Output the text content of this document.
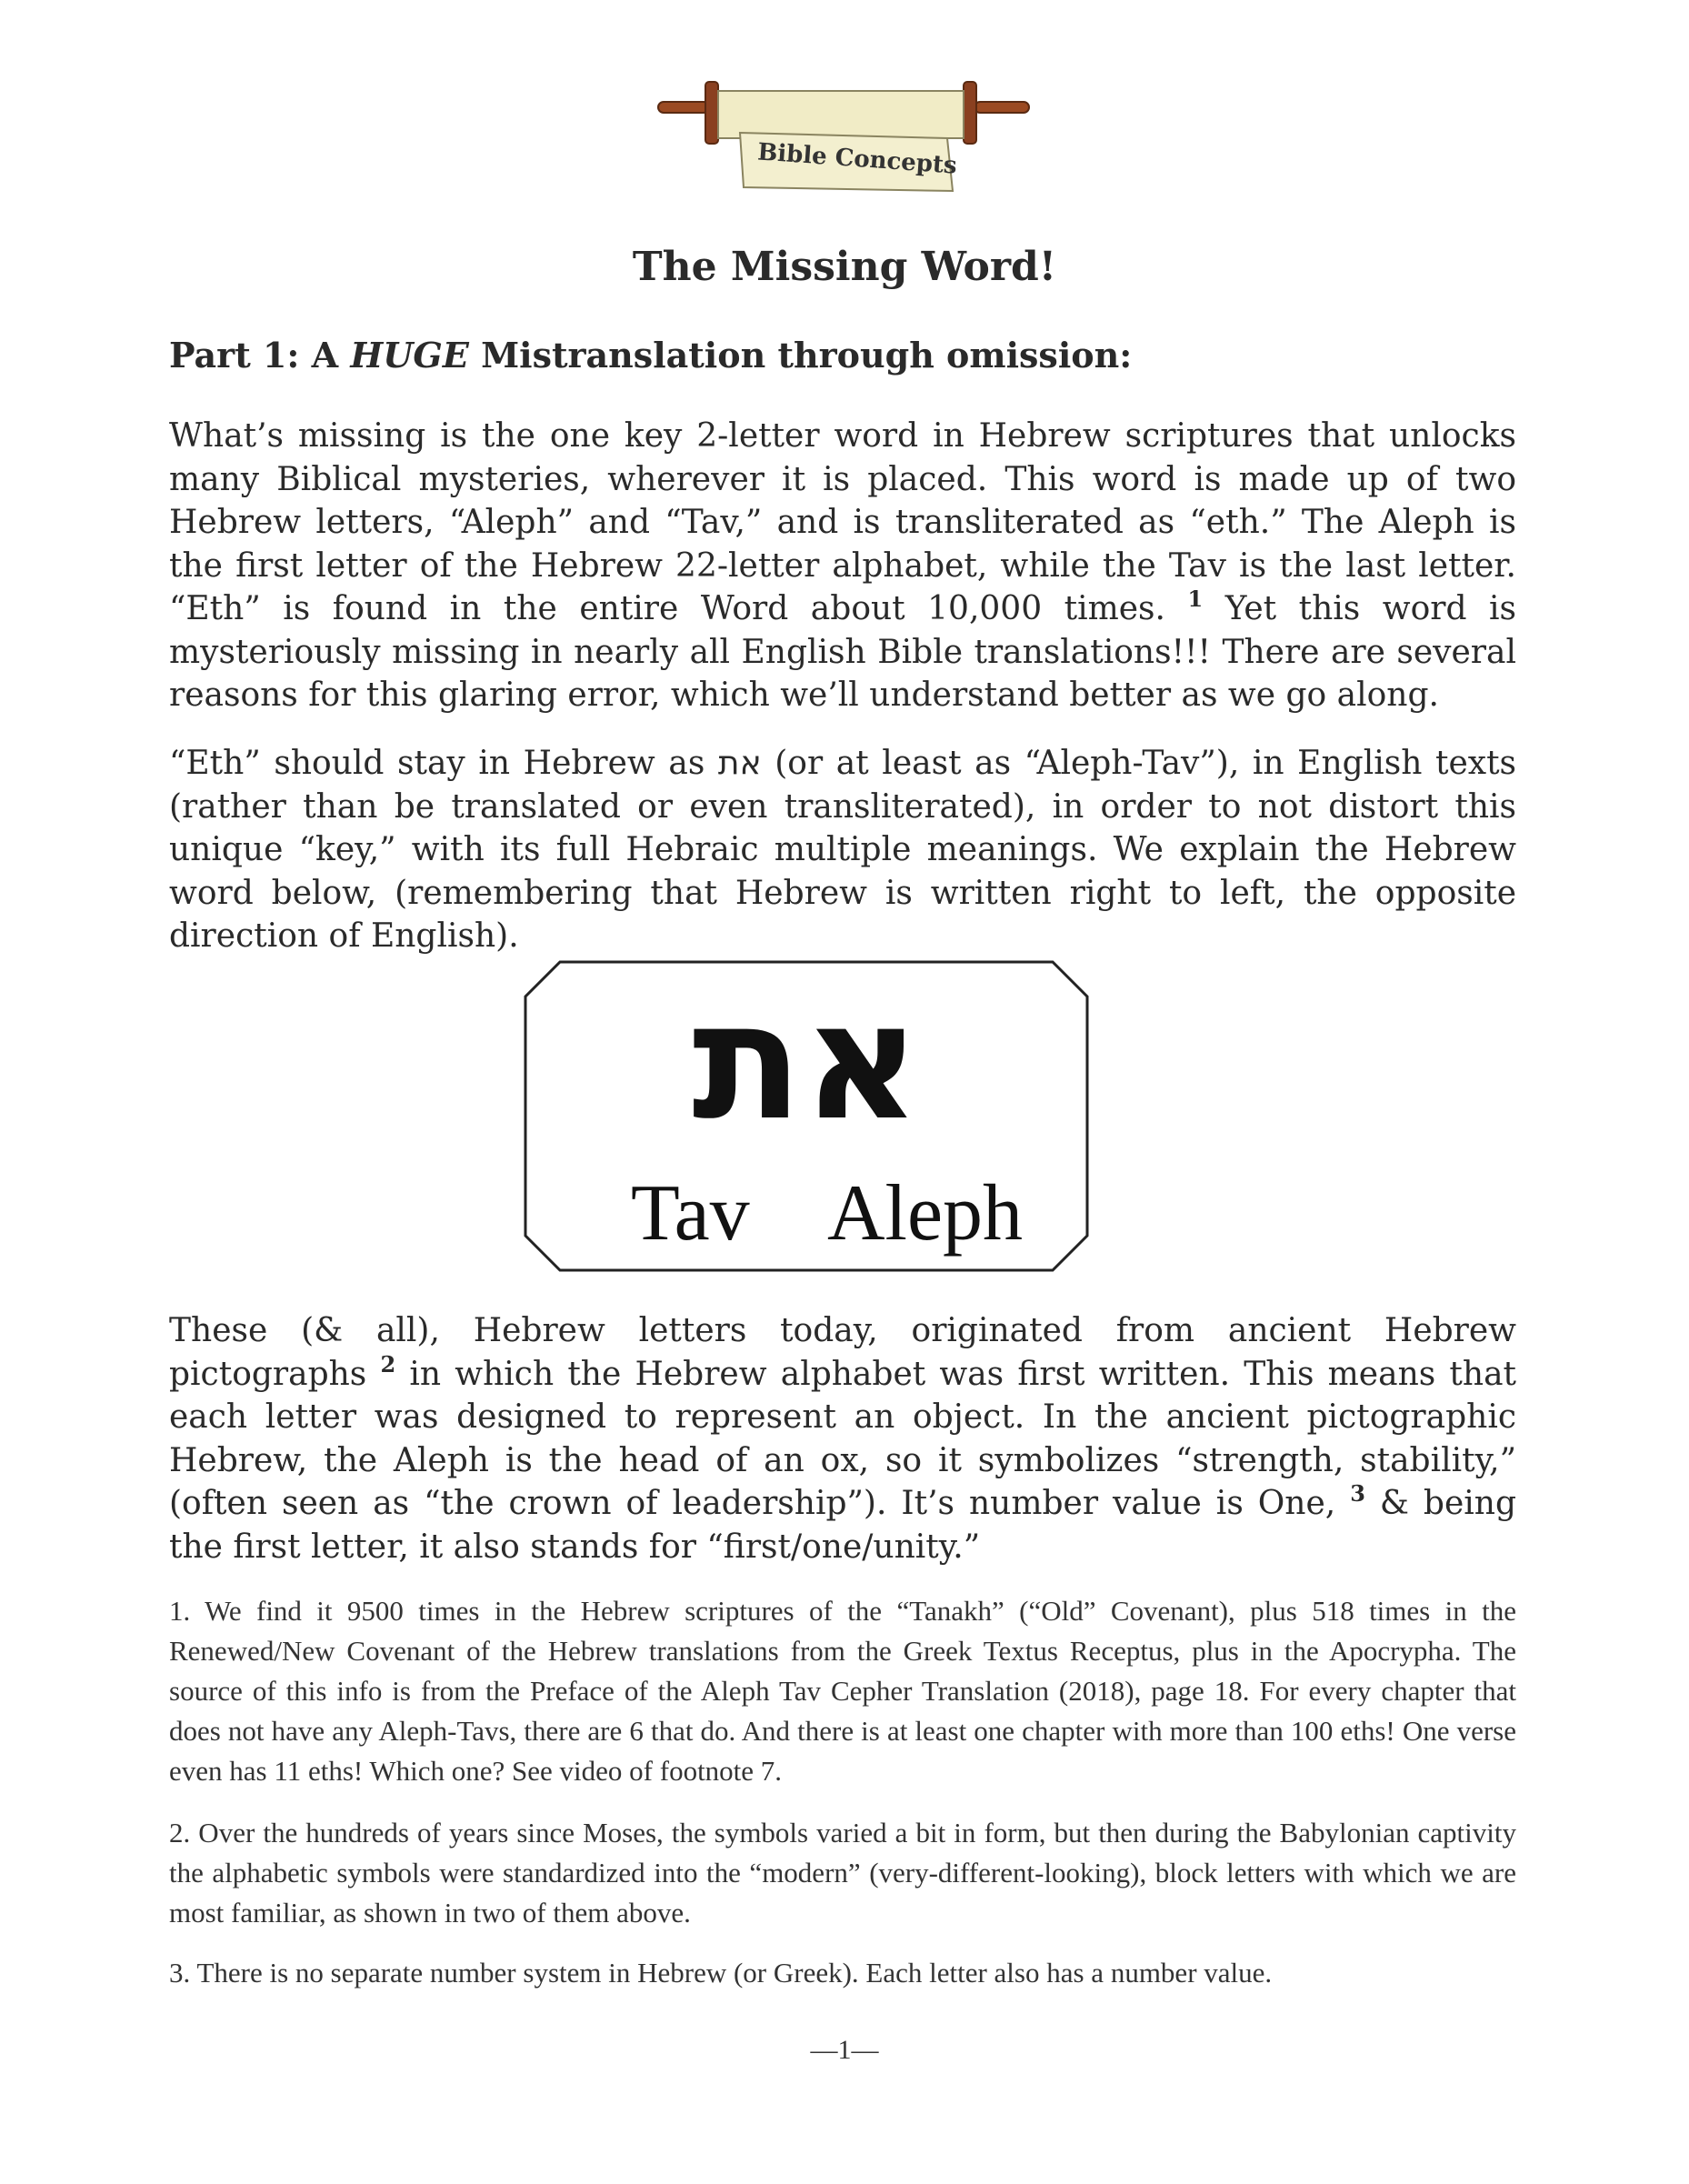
Bible Concepts
The Missing Word!
Part 1: A HUGE Mistranslation through omission:

What’s missing is the one key 2-letter word in Hebrew scriptures that unlocks many Biblical mysteries, wherever it is placed. This word is made up of two Hebrew letters, “Aleph” and “Tav,” and is transliterated as “eth.” The Aleph is the first letter of the Hebrew 22-letter alphabet, while the Tav is the last letter. “Eth” is found in the entire Word about 10,000 times. $^1$ Yet this word is mysteriously missing in nearly all English Bible translations!!! There are several reasons for this glaring error, which we’ll understand better as we go along.

“Eth” should stay in Hebrew as את (or at least as “Aleph-Tav”), in English texts (rather than be translated or even transliterated), in order to not distort this unique “key,” with its full Hebraic multiple meanings. We explain the Hebrew word below, (remembering that Hebrew is written right to left, the opposite direction of English).

את
Tav Aleph

These (& all), Hebrew letters today, originated from ancient Hebrew pictographs $^2$ in which the Hebrew alphabet was first written. This means that each letter was designed to represent an object. In the ancient pictographic Hebrew, the Aleph is the head of an ox, so it symbolizes “strength, stability,” (often seen as “the crown of leadership”). It’s number value is One, $^3$ & being the first letter, it also stands for “first/one/unity.”

1. We find it 9500 times in the Hebrew scriptures of the “Tanakh” (“Old” Covenant), plus 518 times in the Renewed/New Covenant of the Hebrew translations from the Greek Textus Receptus, plus in the Apocrypha. The source of this info is from the Preface of the Aleph Tav Cepher Translation (2018), page 18. For every chapter that does not have any Aleph-Tavs, there are 6 that do. And there is at least one chapter with more than 100 eths! One verse even has 11 eths! Which one? See video of footnote 7.

2. Over the hundreds of years since Moses, the symbols varied a bit in form, but then during the Babylonian captivity the alphabetic symbols were standardized into the “modern” (very-different-looking), block letters with which we are most familiar, as shown in two of them above.

3. There is no separate number system in Hebrew (or Greek). Each letter also has a number value.

—1—
